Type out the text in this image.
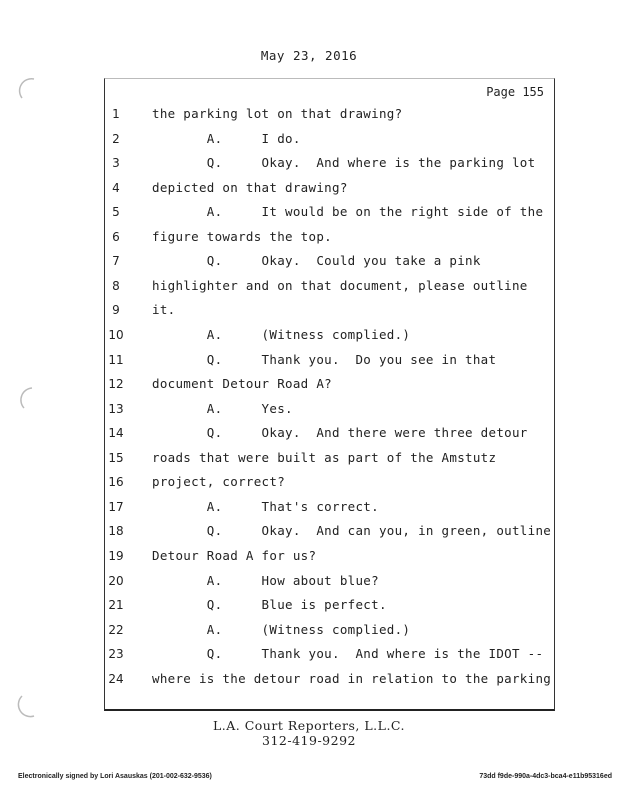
May 23, 2016
Page 155
1	the parking lot on that drawing?
2	A.     I do.
3	Q.     Okay.  And where is the parking lot
4	depicted on that drawing?
5	A.     It would be on the right side of the
6	figure towards the top.
7	Q.     Okay.  Could you take a pink
8	highlighter and on that document, please outline
9	it.
10	A.     (Witness complied.)
11	Q.     Thank you.  Do you see in that
12	document Detour Road A?
13	A.     Yes.
14	Q.     Okay.  And there were three detour
15	roads that were built as part of the Amstutz
16	project, correct?
17	A.     That's correct.
18	Q.     Okay.  And can you, in green, outline
19	Detour Road A for us?
20	A.     How about blue?
21	Q.     Blue is perfect.
22	A.     (Witness complied.)
23	Q.     Thank you.  And where is the IDOT --
24	where is the detour road in relation to the parking
L.A. Court Reporters, L.L.C.
312-419-9292
Electronically signed by Lori Asauskas (201-002-632-9536)	73dd f9de-990a-4dc3-bca4-e11b95316ed
